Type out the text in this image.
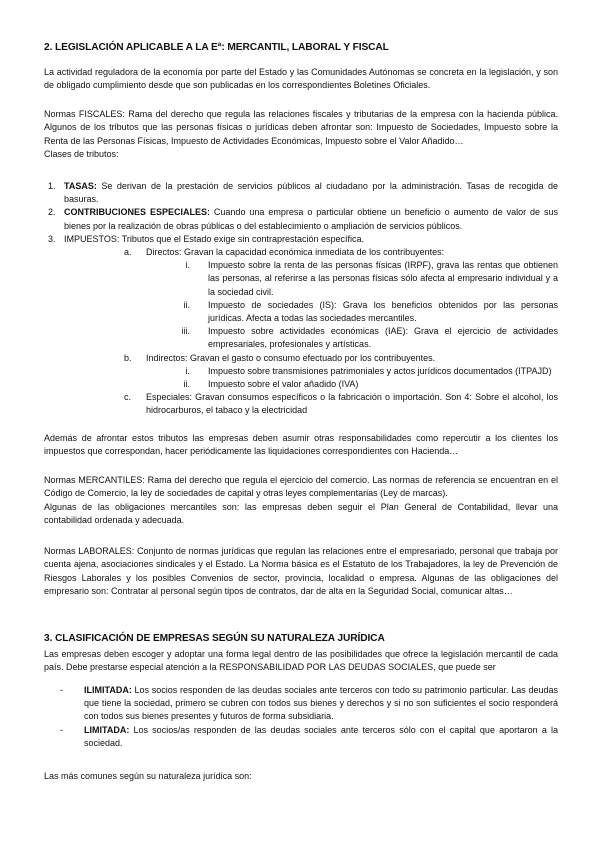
2. LEGISLACIÓN APLICABLE A LA Eª: MERCANTIL, LABORAL Y FISCAL
La actividad reguladora de la economía por parte del Estado y las Comunidades Autónomas se concreta en la legislación, y son de obligado cumplimiento desde que son publicadas en los correspondientes Boletines Oficiales.
Normas FISCALES: Rama del derecho que regula las relaciones fiscales y tributarias de la empresa con la hacienda pública. Algunos de los tributos que las personas físicas o jurídicas deben afrontar son: Impuesto de Sociedades, Impuesto sobre la Renta de las Personas Físicas, Impuesto de Actividades Económicas, Impuesto sobre el Valor Añadido…
Clases de tributos:
1. TASAS: Se derivan de la prestación de servicios públicos al ciudadano por la administración. Tasas de recogida de basuras.
2. CONTRIBUCIONES ESPECIALES: Cuando una empresa o particular obtiene un beneficio o aumento de valor de sus bienes por la realización de obras públicas o del establecimiento o ampliación de servicios públicos.
3. IMPUESTOS: Tributos que el Estado exige sin contraprestación específica.
a. Directos: Gravan la capacidad económica inmediata de los contribuyentes:
i. Impuesto sobre la renta de las personas físicas (IRPF), grava las rentas que obtienen las personas, al referirse a las personas físicas sólo afecta al empresario individual y a la sociedad civil.
ii. Impuesto de sociedades (IS): Grava los beneficios obtenidos por las personas jurídicas. Afecta a todas las sociedades mercantiles.
iii. Impuesto sobre actividades económicas (IAE): Grava el ejercicio de actividades empresariales, profesionales y artísticas.
b. Indirectos: Gravan el gasto o consumo efectuado por los contribuyentes.
i. Impuesto sobre transmisiones patrimoniales y actos jurídicos documentados (ITPAJD)
ii. Impuesto sobre el valor añadido (IVA)
c. Especiales: Gravan consumos específicos o la fabricación o importación. Son 4: Sobre el alcohol, los hidrocarburos, el tabaco y la electricidad
Además de afrontar estos tributos las empresas deben asumir otras responsabilidades como repercutir a los clientes los impuestos que correspondan, hacer periódicamente las liquidaciones correspondientes con Hacienda…
Normas MERCANTILES: Rama del derecho que regula el ejercicio del comercio. Las normas de referencia se encuentran en el Código de Comercio, la ley de sociedades de capital y otras leyes complementarias (Ley de marcas).
Algunas de las obligaciones mercantiles son: las empresas deben seguir el Plan General de Contabilidad, llevar una contabilidad ordenada y adecuada.
Normas LABORALES: Conjunto de normas jurídicas que regulan las relaciones entre el empresariado, personal que trabaja por cuenta ajena, asociaciones sindicales y el Estado. La Norma básica es el Estatuto de los Trabajadores, la ley de Prevención de Riesgos Laborales y los posibles Convenios de sector, provincia, localidad o empresa. Algunas de las obligaciones del empresario son: Contratar al personal según tipos de contratos, dar de alta en la Seguridad Social, comunicar altas…
3. CLASIFICACIÓN DE EMPRESAS SEGÚN SU NATURALEZA JURÍDICA
Las empresas deben escoger y adoptar una forma legal dentro de las posibilidades que ofrece la legislación mercantil de cada país. Debe prestarse especial atención a la RESPONSABILIDAD POR LAS DEUDAS SOCIALES, que puede ser
- ILIMITADA: Los socios responden de las deudas sociales ante terceros con todo su patrimonio particular. Las deudas que tiene la sociedad, primero se cubren con todos sus bienes y derechos y si no son suficientes el socio responderá con todos sus bienes presentes y futuros de forma subsidiaria.
- LIMITADA: Los socios/as responden de las deudas sociales ante terceros sólo con el capital que aportaron a la sociedad.
Las más comunes según su naturaleza jurídica son:
